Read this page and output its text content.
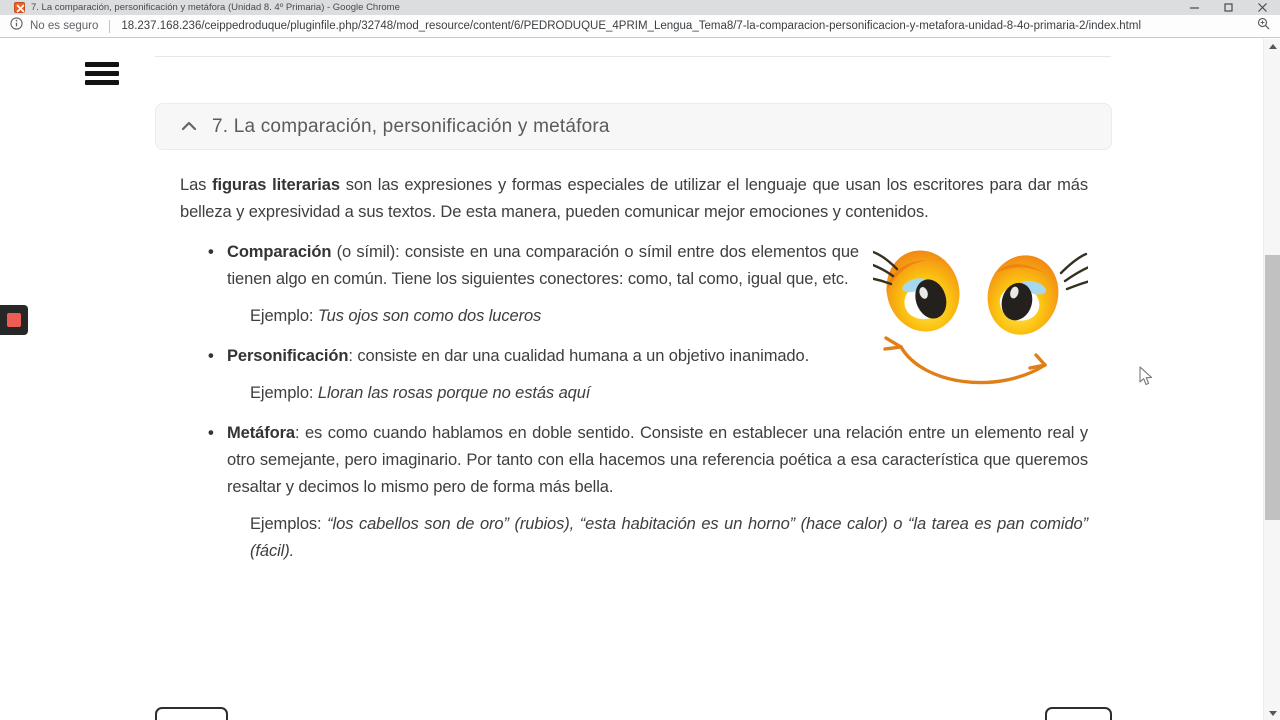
7. La comparación, personificación y metáfora (Unidad 8. 4º Primaria) - Google Chrome
No es seguro 18.237.168.236/ceippedroduque/pluginfile.php/32748/mod_resource/content/6/PEDRODUQUE_4PRIM_Lengua_Tema8/7-la-comparacion-personificacion-y-metafora-unidad-8-4o-primaria-2/index.html
7. La comparación, personificación y metáfora

Las figuras literarias son las expresiones y formas especiales de utilizar el lenguaje que usan los escritores para dar más belleza y expresividad a sus textos. De esta manera, pueden comunicar mejor emociones y contenidos.

• Comparación (o símil): consiste en una comparación o símil entre dos elementos que tienen algo en común. Tiene los siguientes conectores: como, tal como, igual que, etc.

Ejemplo: Tus ojos son como dos luceros

• Personificación: consiste en dar una cualidad humana a un objetivo inanimado.

Ejemplo: Lloran las rosas porque no estás aquí

• Metáfora: es como cuando hablamos en doble sentido. Consiste en establecer una relación entre un elemento real y otro semejante, pero imaginario. Por tanto con ella hacemos una referencia poética a esa característica que queremos resaltar y decimos lo mismo pero de forma más bella.

Ejemplos: “los cabellos son de oro” (rubios), “esta habitación es un horno” (hace calor) o “la tarea es pan comido” (fácil).
